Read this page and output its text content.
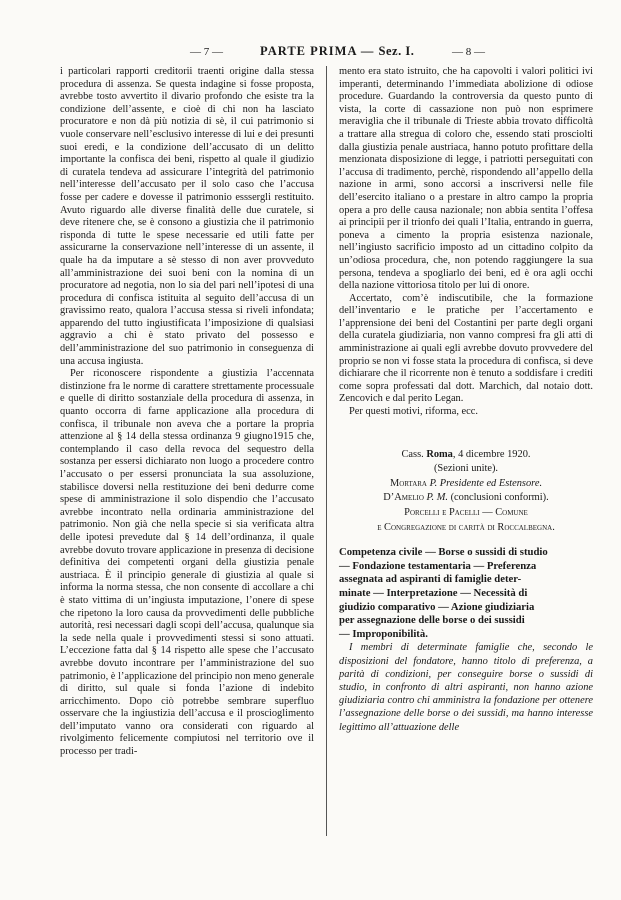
— 7 —	PARTE PRIMA — Sez. I.	— 8 —

i particolari rapporti creditorii traenti origine dalla stessa procedura di assenza. Se questa indagine si fosse proposta, avrebbe tosto avvertito il divario profondo che esiste tra la condizione dell’assente, e cioè di chi non ha lasciato procuratore e non dà più notizia di sè, il cui patrimonio si vuole conservare nell’esclusivo interesse di lui e dei presunti suoi eredi, e la condizione dell’accusato di un delitto importante la confisca dei beni, rispetto al quale il giudizio di curatela tendeva ad assicurare l’integrità del patrimonio nell’interesse dell’accusato per il solo caso che l’accusa fosse per cadere e dovesse il patrimonio esssergli restituito. Avuto riguardo alle diverse finalità delle due curatele, si deve ritenere che, se è consono a giustizia che il patrimonio risponda di tutte le spese necessarie ed utili fatte per assicurarne la conservazione nell’interesse di un assente, il quale ha da imputare a sè stesso di non aver provveduto all’amministrazione dei suoi beni con la nomina di un procuratore ad negotia, non lo sia del pari nell’ipotesi di una procedura di confisca istituita al seguito dell’accusa di un gravissimo reato, qualora l’accusa stessa si riveli infondata; apparendo del tutto ingiustificata l’imposizione di qualsiasi aggravio a chi è stato privato del possesso e dell’amministrazione del suo patrimonio in conseguenza di una accusa ingiusta.

Per riconoscere rispondente a giustizia l’accennata distinzione fra le norme di carattere strettamente processuale e quelle di diritto sostanziale della procedura di assenza, in quanto occorra di farne applicazione alla procedura di confisca, il tribunale non aveva che a portare la propria attenzione al § 14 della stessa ordinanza 9 giugno1915 che, contemplando il caso della revoca del sequestro della sostanza per essersi dichiarato non luogo a procedere contro l’accusato o per essersi pronunciata la sua assoluzione, stabilisce doversi nella restituzione dei beni dedurre come spese di amministrazione il solo dispendio che l’accusato avrebbe incontrato nella ordinaria amministrazione del patrimonio. Non già che nella specie si sia verificata altra delle ipotesi prevedute dal § 14 dell’ordinanza, il quale avrebbe dovuto trovare applicazione in presenza di decisione definitiva dei competenti organi della giustizia penale austriaca. È il principio generale di giustizia al quale si informa la norma stessa, che non consente di accollare a chi è stato vittima di un’ingiusta imputazione, l’onere di spese che ripetono la loro causa da provvedimenti delle pubbliche autorità, resi necessari dagli scopi dell’accusa, qualunque sia la sede nella quale i provvedimenti stessi si sono attuati. L’eccezione fatta dal § 14 rispetto alle spese che l’accusato avrebbe dovuto incontrare per l’amministrazione del suo patrimonio, è l’applicazione del principio non meno generale di diritto, sul quale si fonda l’azione di indebito arricchimento. Dopo ciò potrebbe sembrare superfluo osservare che la ingiustizia dell’accusa e il proscioglimento dell’imputato vanno ora considerati con riguardo al rivolgimento felicemente compiutosi nel territorio ove il processo per tradi-

mento era stato istruito, che ha capovolti i valori politici ivi imperanti, determinando l’immediata abolizione di odiose procedure. Guardando la controversia da questo punto di vista, la corte di cassazione non può non esprimere meraviglia che il tribunale di Trieste abbia trovato difficoltà a trattare alla stregua di coloro che, essendo stati prosciolti dalla giustizia penale austriaca, hanno potuto profittare della menzionata disposizione di legge, i patriotti perseguitati con l’accusa di tradimento, perchè, rispondendo all’appello della nazione in armi, sono accorsi a inscriversi nelle file dell’esercito italiano o a prestare in altro campo la propria opera a pro delle causa nazionale; non abbia sentita l’offesa ai principii per il trionfo dei quali l’Italia, entrando in guerra, poneva a cimento la propria esistenza nazionale, nell’ingiusto sacrificio imposto ad un cittadino colpito da un’odiosa procedura, che, non potendo raggiungere la sua persona, tendeva a spogliarlo dei beni, ed è ora agli occhi della nazione vittoriosa titolo per lui di onore.

Accertato, com’è indiscutibile, che la formazione dell’inventario e le pratiche per l’accertamento e l’apprensione dei beni del Costantini per parte degli organi della curatela giudiziaria, non vanno compresi fra gli atti di amministrazione ai quali egli avrebbe dovuto provvedere del proprio se non vi fosse stata la procedura di confisca, si deve dichiarare che il ricorrente non è tenuto a soddisfare i crediti come sopra professati dal dott. Marchich, dal notaio dott. Zencovich e dal perito Legan.

Per questi motivi, riforma, ecc.

Cass. Roma, 4 dicembre 1920.

(Sezioni unite).

Mortara P. Presidente ed Estensore.

D’Amelio P. M. (conclusioni conformi).

Porcelli e Pacelli — Comune

e Congregazione di carità di Roccalbegna.

Competenza civile — Borse o sussidi di studio
— Fondazione testamentaria — Preferenza
assegnata ad aspiranti di famiglie deter-
minate — Interpretazione — Necessità di
giudizio comparativo — Azione giudiziaria
per assegnazione delle borse o dei sussidi
— Improponibilità.

I membri di determinate famiglie che, secondo le disposizioni del fondatore, hanno titolo di preferenza, a parità di condizioni, per conseguire borse o sussidi di studio, in confronto di altri aspiranti, non hanno azione giudiziaria contro chi amministra la fondazione per ottenere l’assegnazione delle borse o dei sussidi, ma hanno interesse legittimo all’attuazione delle
